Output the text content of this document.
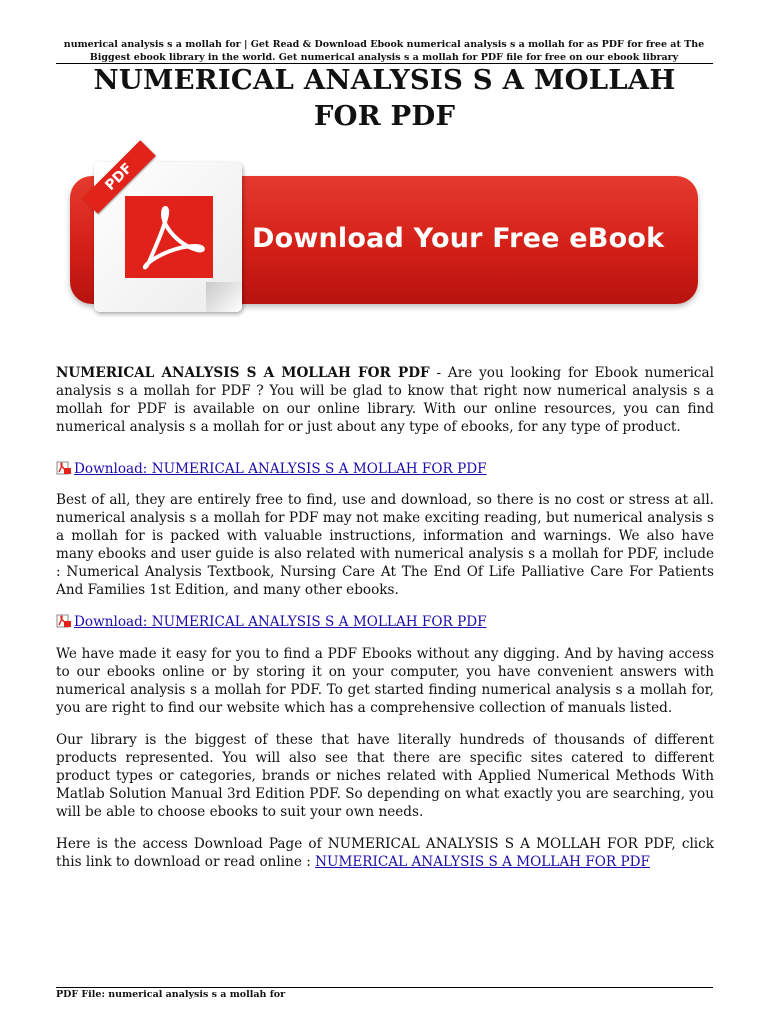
numerical analysis s a mollah for | Get Read & Download Ebook numerical analysis s a mollah for as PDF for free at The Biggest ebook library in the world. Get numerical analysis s a mollah for PDF file for free on our ebook library
NUMERICAL ANALYSIS S A MOLLAH FOR PDF
Download Your Free eBook
PDF

NUMERICAL ANALYSIS S A MOLLAH FOR PDF - Are you looking for Ebook numerical analysis s a mollah for PDF ? You will be glad to know that right now numerical analysis s a mollah for PDF is available on our online library. With our online resources, you can find numerical analysis s a mollah for or just about any type of ebooks, for any type of product.

Download: NUMERICAL ANALYSIS S A MOLLAH FOR PDF

Best of all, they are entirely free to find, use and download, so there is no cost or stress at all. numerical analysis s a mollah for PDF may not make exciting reading, but numerical analysis s a mollah for is packed with valuable instructions, information and warnings. We also have many ebooks and user guide is also related with numerical analysis s a mollah for PDF, include : Numerical Analysis Textbook, Nursing Care At The End Of Life Palliative Care For Patients And Families 1st Edition, and many other ebooks.

Download: NUMERICAL ANALYSIS S A MOLLAH FOR PDF

We have made it easy for you to find a PDF Ebooks without any digging. And by having access to our ebooks online or by storing it on your computer, you have convenient answers with numerical analysis s a mollah for PDF. To get started finding numerical analysis s a mollah for, you are right to find our website which has a comprehensive collection of manuals listed.

Our library is the biggest of these that have literally hundreds of thousands of different products represented. You will also see that there are specific sites catered to different product types or categories, brands or niches related with Applied Numerical Methods With Matlab Solution Manual 3rd Edition PDF. So depending on what exactly you are searching, you will be able to choose ebooks to suit your own needs.

Here is the access Download Page of NUMERICAL ANALYSIS S A MOLLAH FOR PDF, click this link to download or read online : NUMERICAL ANALYSIS S A MOLLAH FOR PDF

PDF File: numerical analysis s a mollah for
